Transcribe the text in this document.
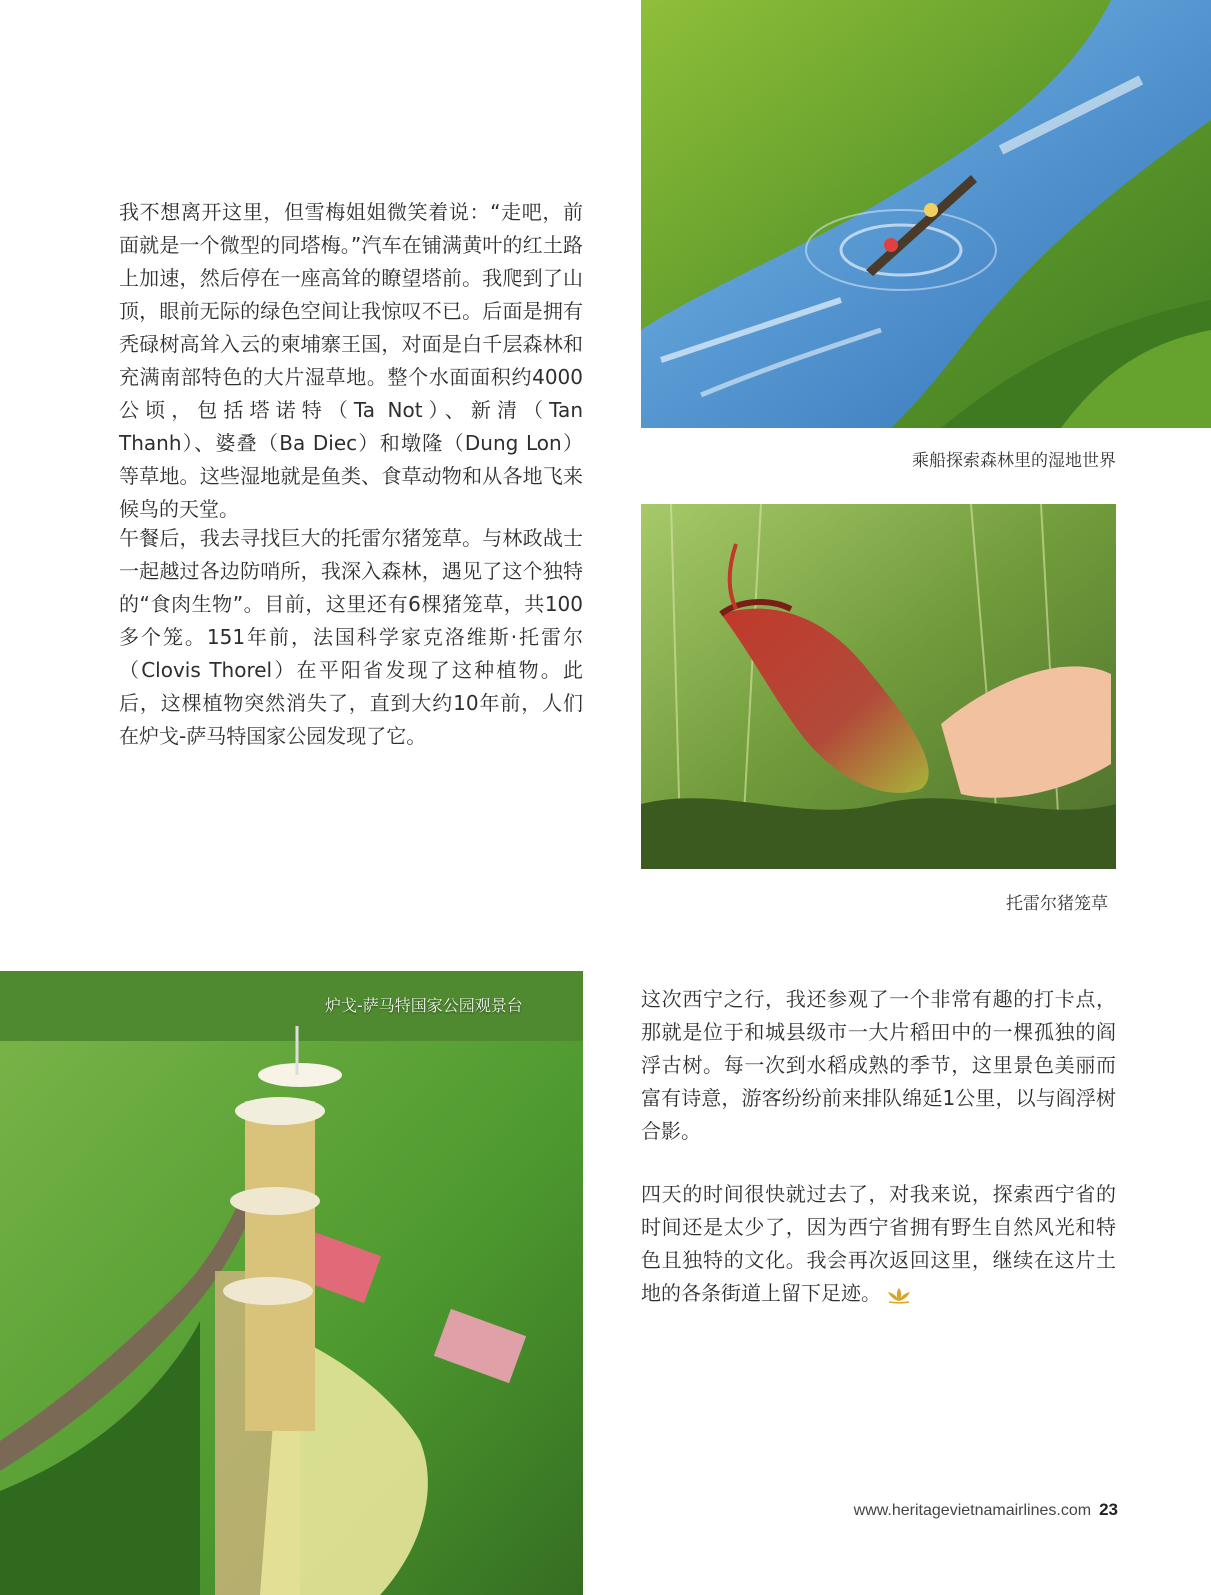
我不想离开这里，但雪梅姐姐微笑着说：“走吧，前面就是一个微型的同塔梅。”汽车在铺满黄叶的红土路上加速，然后停在一座高耸的瞭望塔前。我爬到了山顶，眼前无际的绿色空间让我惊叹不已。后面是拥有秃碌树高耸入云的柬埔寨王国，对面是白千层森林和充满南部特色的大片湿草地。整个水面面积约4000公顷，包括塔诺特（Ta Not）、新清（Tan Thanh）、婆叠（Ba Diec）和墩隆（Dung Lon）等草地。这些湿地就是鱼类、食草动物和从各地飞来候鸟的天堂。

午餐后，我去寻找巨大的托雷尔猪笼草。与林政战士一起越过各边防哨所，我深入森林，遇见了这个独特的“食肉生物”。目前，这里还有6棵猪笼草，共100多个笼。151年前，法国科学家克洛维斯·托雷尔（Clovis Thorel）在平阳省发现了这种植物。此后，这棵植物突然消失了，直到大约10年前，人们在炉戈-萨马特国家公园发现了它。

乘船探索森林里的湿地世界
托雷尔猪笼草
炉戈-萨马特国家公园观景台	这次西宁之行，我还参观了一个非常有趣的打卡点，那就是位于和城县级市一大片稻田中的一棵孤独的阎浮古树。每一次到水稻成熟的季节，这里景色美丽而富有诗意，游客纷纷前来排队绵延1公里，以与阎浮树合影。

四天的时间很快就过去了，对我来说，探索西宁省的时间还是太少了，因为西宁省拥有野生自然风光和特色且独特的文化。我会再次返回这里，继续在这片土地的各条街道上留下足迹。

www.heritagevietnamairlines.com 23
